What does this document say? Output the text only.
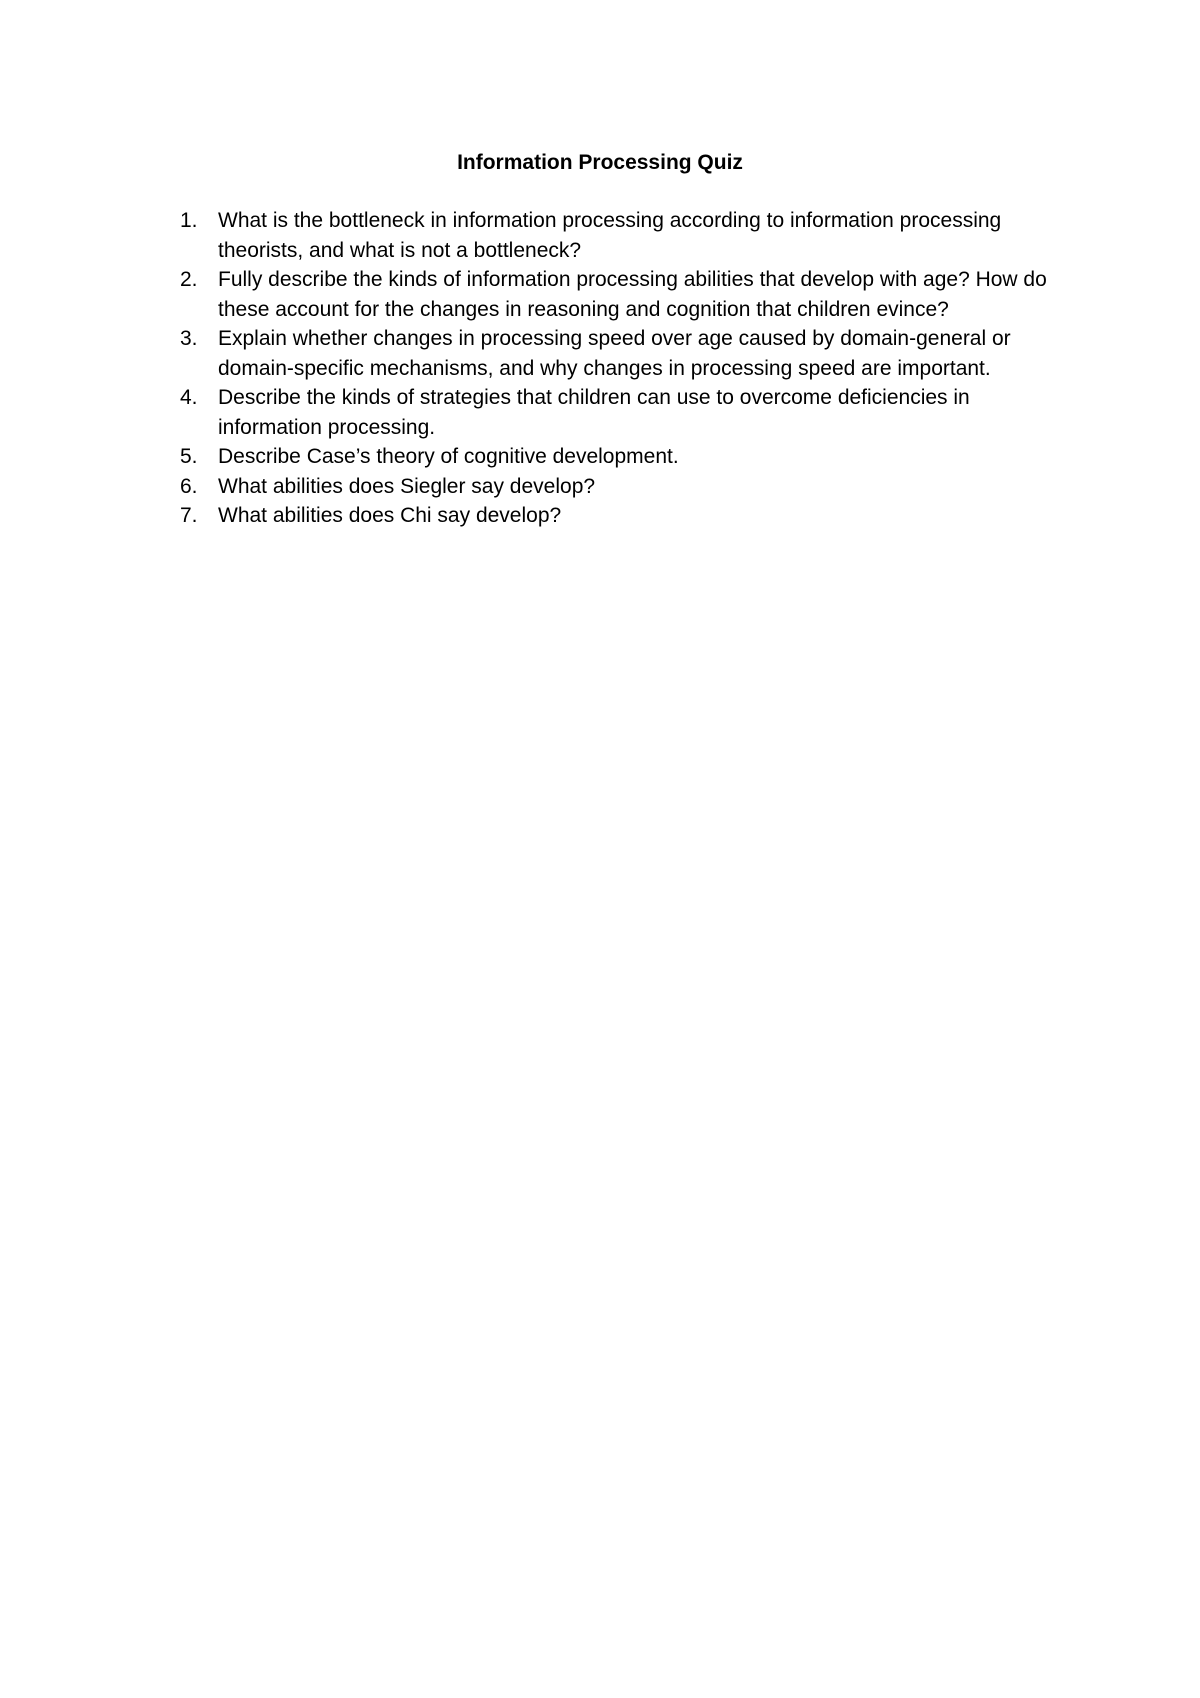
Information Processing Quiz
1. What is the bottleneck in information processing according to information processing theorists, and what is not a bottleneck?
2. Fully describe the kinds of information processing abilities that develop with age? How do these account for the changes in reasoning and cognition that children evince?
3. Explain whether changes in processing speed over age caused by domain-general or domain-specific mechanisms, and why changes in processing speed are important.
4. Describe the kinds of strategies that children can use to overcome deficiencies in information processing.
5. Describe Case’s theory of cognitive development.
6. What abilities does Siegler say develop?
7. What abilities does Chi say develop?
